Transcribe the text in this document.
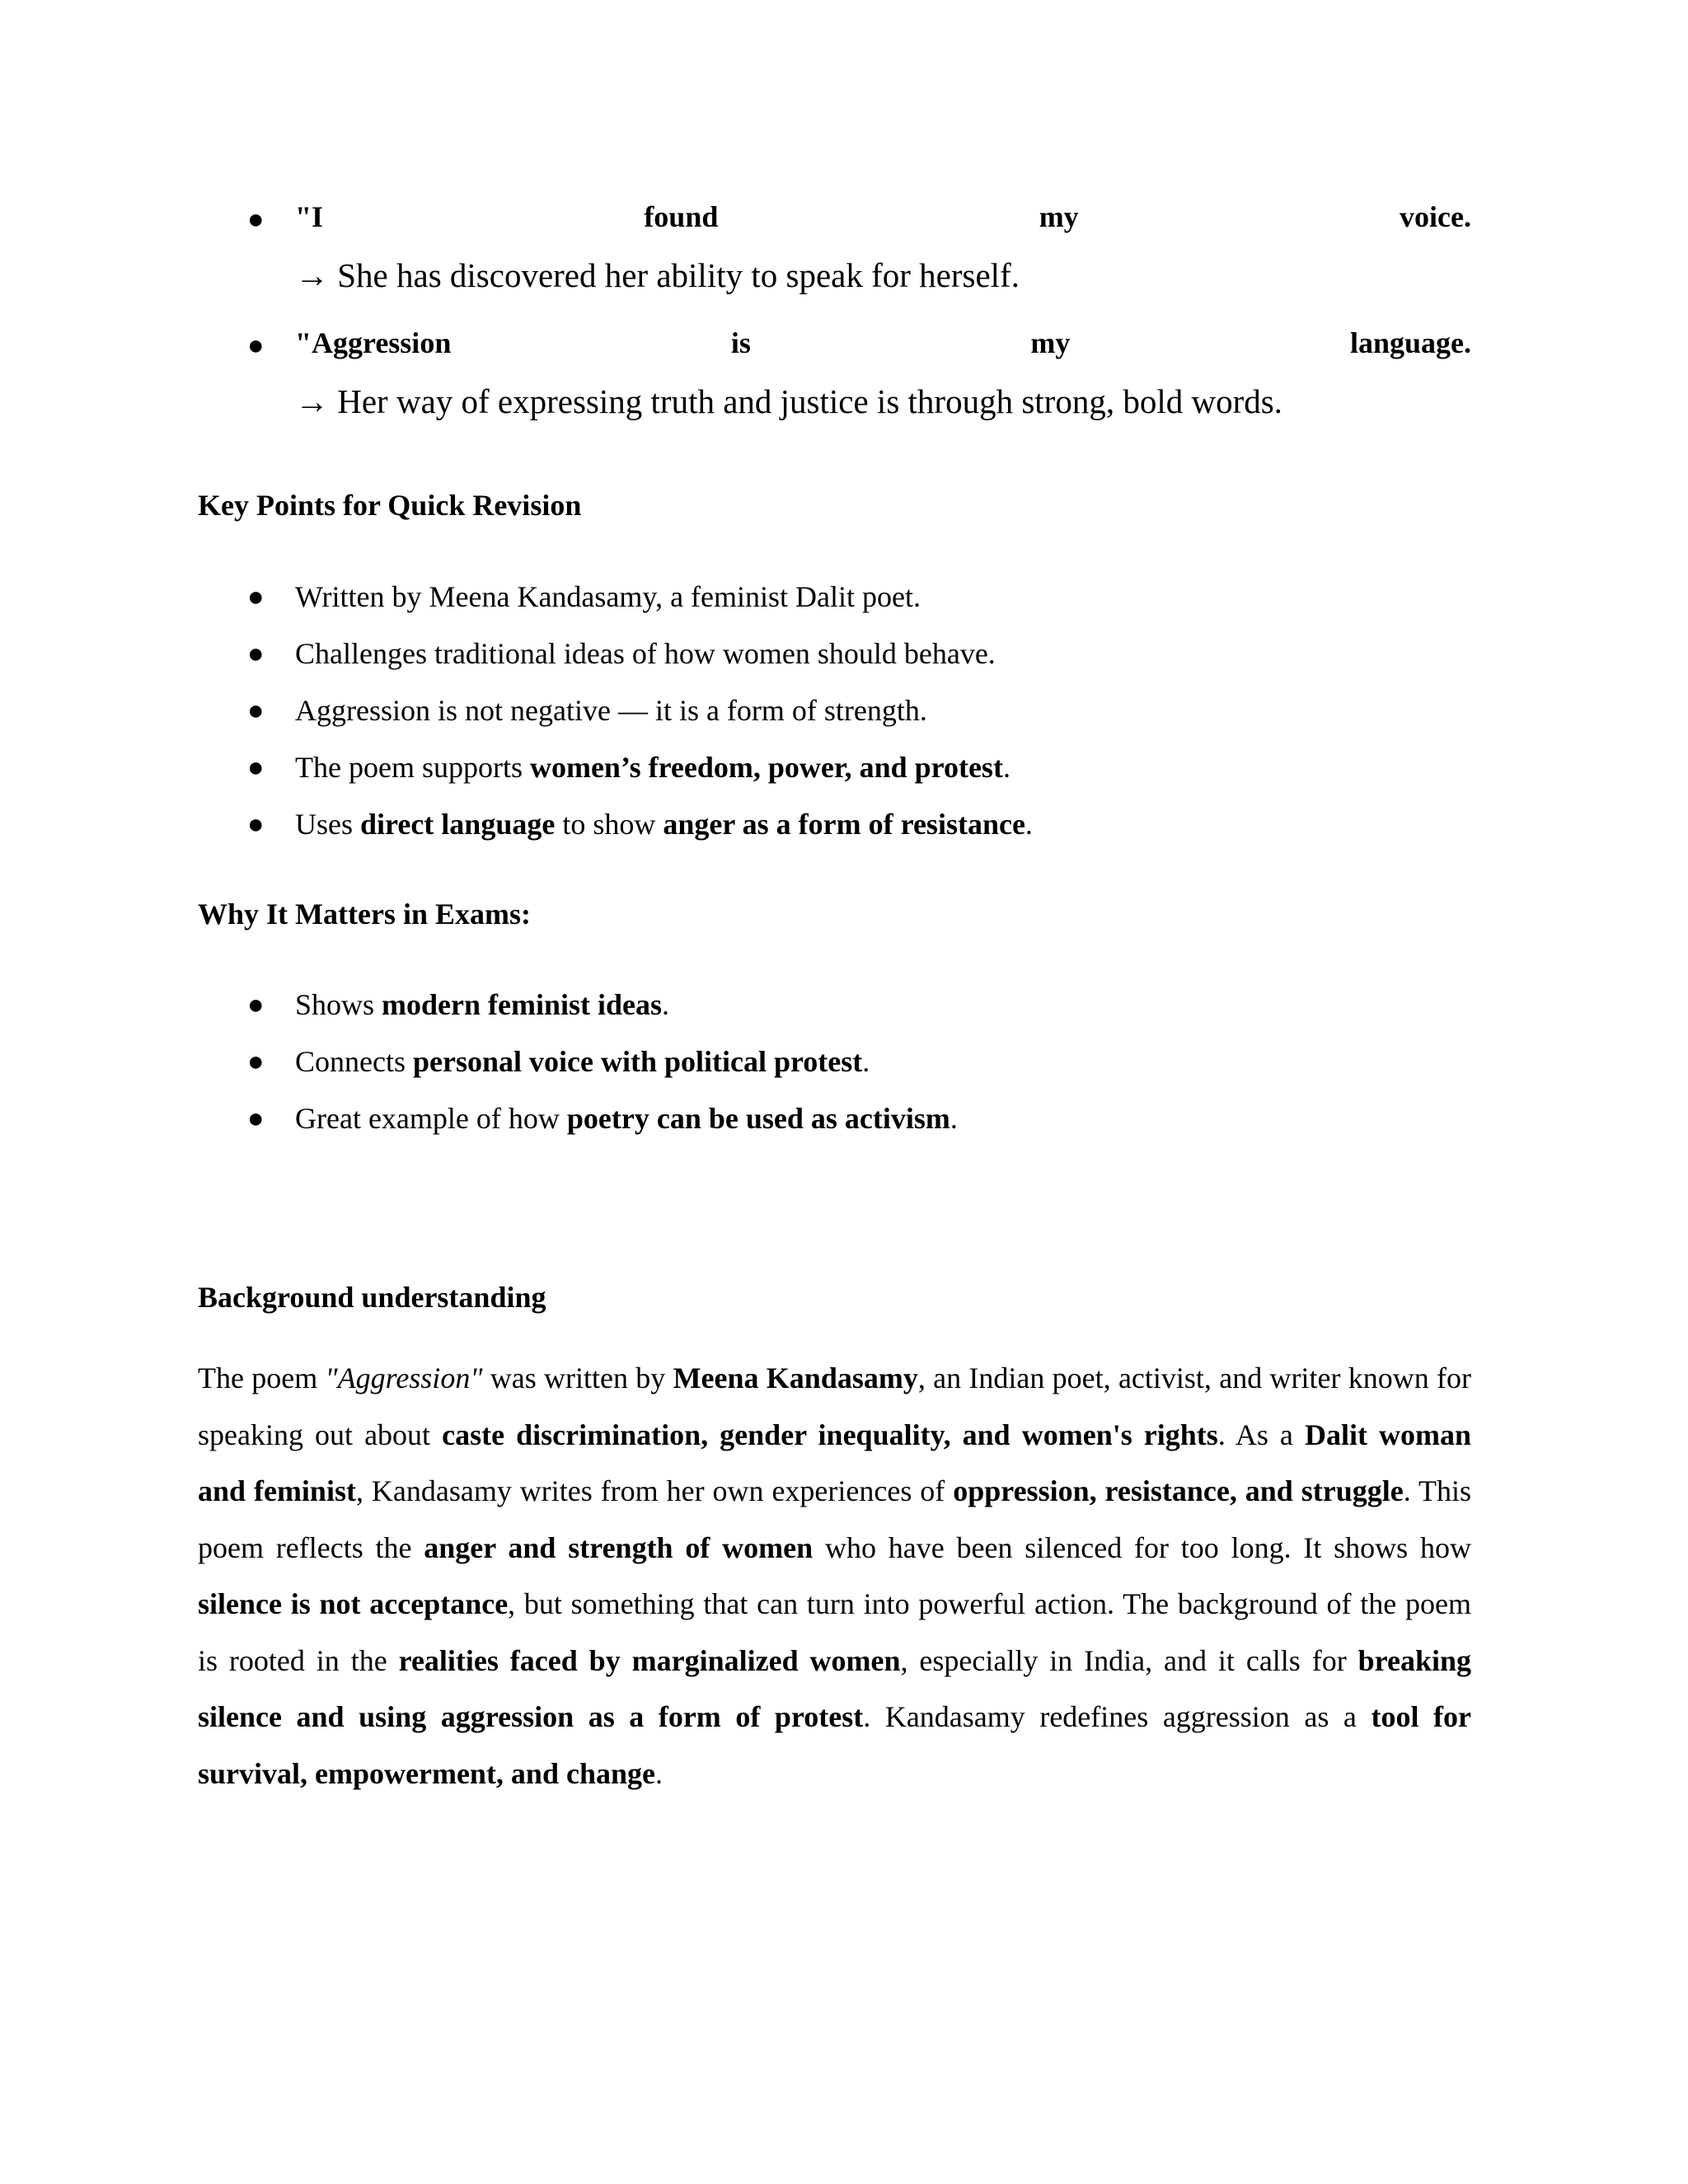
● "I	found	my	voice.
→ She has discovered her ability to speak for herself.
● "Aggression	is	my	language.
→ Her way of expressing truth and justice is through strong, bold words.
Key Points for Quick Revision
● Written by Meena Kandasamy, a feminist Dalit poet.
● Challenges traditional ideas of how women should behave.
● Aggression is not negative — it is a form of strength.
● The poem supports women’s freedom, power, and protest.
● Uses direct language to show anger as a form of resistance.
Why It Matters in Exams:
● Shows modern feminist ideas.
● Connects personal voice with political protest.
● Great example of how poetry can be used as activism.
Background understanding

The poem "Aggression" was written by Meena Kandasamy, an Indian poet, activist, and writer known for speaking out about caste discrimination, gender inequality, and women's rights. As a Dalit woman and feminist, Kandasamy writes from her own experiences of oppression, resistance, and struggle. This poem reflects the anger and strength of women who have been silenced for too long. It shows how silence is not acceptance, but something that can turn into powerful action. The background of the poem is rooted in the realities faced by marginalized women, especially in India, and it calls for breaking silence and using aggression as a form of protest. Kandasamy redefines aggression as a tool for survival, empowerment, and change.
